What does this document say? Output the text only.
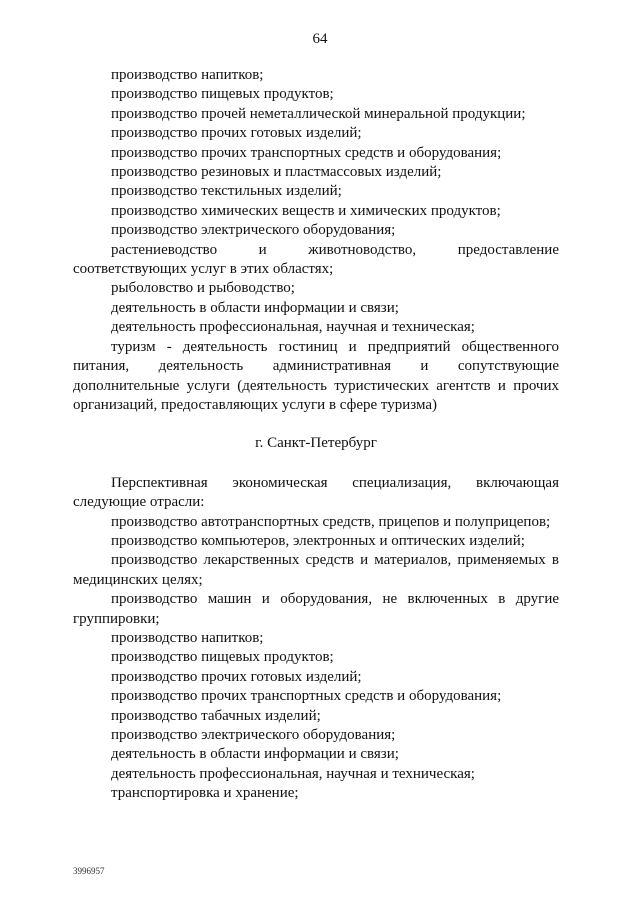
64

производство напитков;

производство пищевых продуктов;

производство прочей неметаллической минеральной продукции;

производство прочих готовых изделий;

производство прочих транспортных средств и оборудования;

производство резиновых и пластмассовых изделий;

производство текстильных изделий;

производство химических веществ и химических продуктов;

производство электрического оборудования;

растениеводство и животноводство, предоставление соответствующих услуг в этих областях;

рыболовство и рыбоводство;

деятельность в области информации и связи;

деятельность профессиональная, научная и техническая;

туризм - деятельность гостиниц и предприятий общественного питания, деятельность административная и сопутствующие дополнительные услуги (деятельность туристических агентств и прочих организаций, предоставляющих услуги в сфере туризма)

г. Санкт-Петербург

Перспективная экономическая специализация, включающая следующие отрасли:

производство автотранспортных средств, прицепов и полуприцепов;

производство компьютеров, электронных и оптических изделий;

производство лекарственных средств и материалов, применяемых в медицинских целях;

производство машин и оборудования, не включенных в другие группировки;

производство напитков;

производство пищевых продуктов;

производство прочих готовых изделий;

производство прочих транспортных средств и оборудования;

производство табачных изделий;

производство электрического оборудования;

деятельность в области информации и связи;

деятельность профессиональная, научная и техническая;

транспортировка и хранение;

3996957
